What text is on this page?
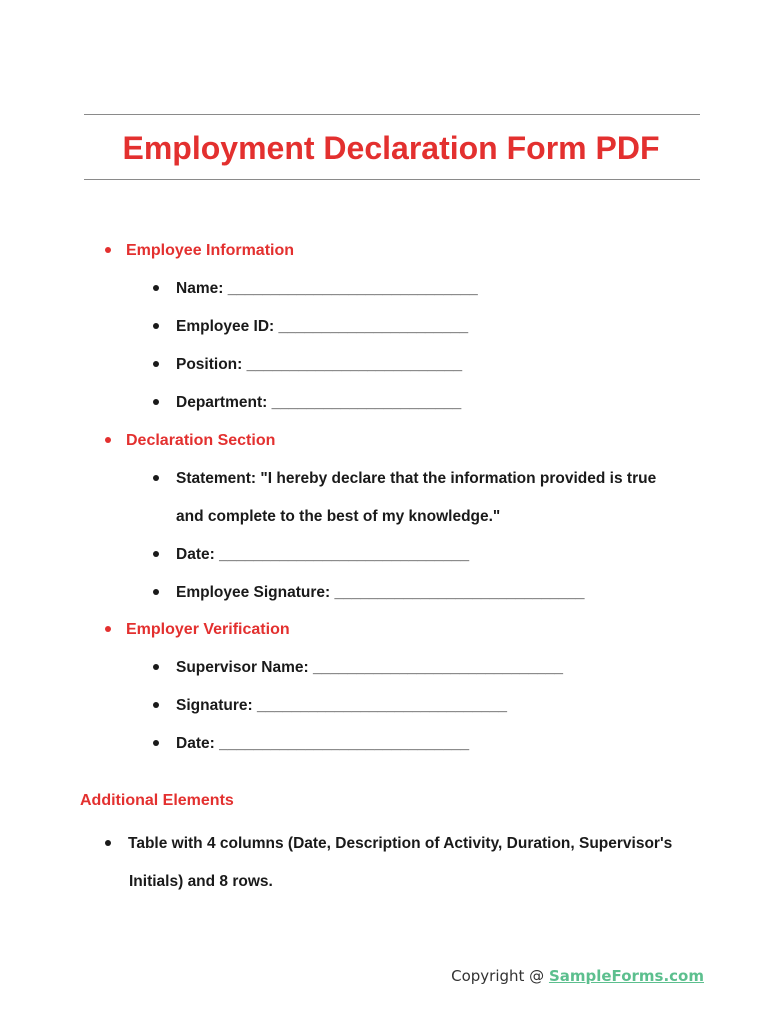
Employment Declaration Form PDF
Employee Information
Name: _____________________________
Employee ID: ______________________
Position: _________________________
Department: ______________________
Declaration Section
Statement: "I hereby declare that the information provided is true
and complete to the best of my knowledge."
Date: _____________________________
Employee Signature: _____________________________
Employer Verification
Supervisor Name: _____________________________
Signature: _____________________________
Date: _____________________________
Additional Elements
Table with 4 columns (Date, Description of Activity, Duration, Supervisor's
Initials) and 8 rows.
Copyright @ SampleForms.com
